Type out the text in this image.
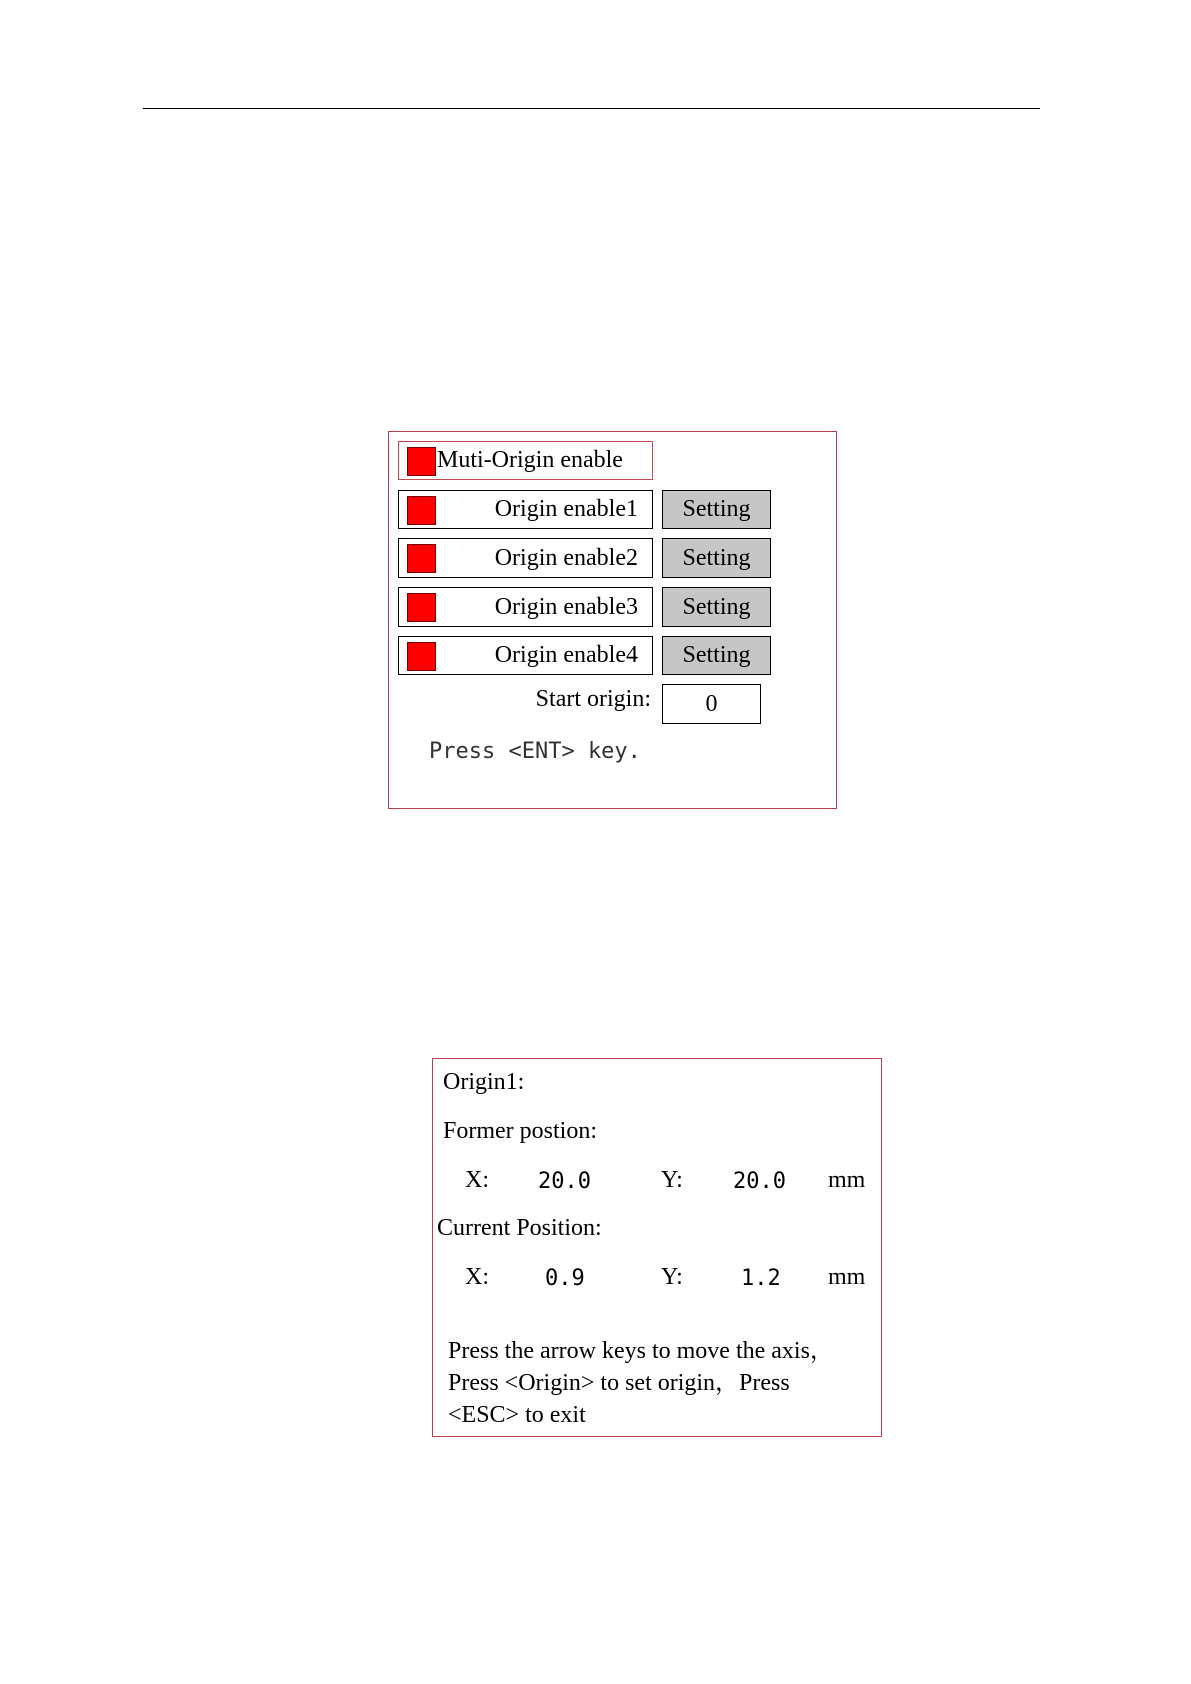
Muti-Origin enable
Origin enable1	Setting
Origin enable2	Setting
Origin enable3	Setting
Origin enable4	Setting
Start origin:	0
Press <ENT> key.
Origin1:
Former postion:
X: 20.0	Y: 20.0 mm
Current Position:
X:	0.9	Y:	1.2 mm
Press the arrow keys to move the axis，
Press <Origin> to set origin，Press
<ESC> to exit
